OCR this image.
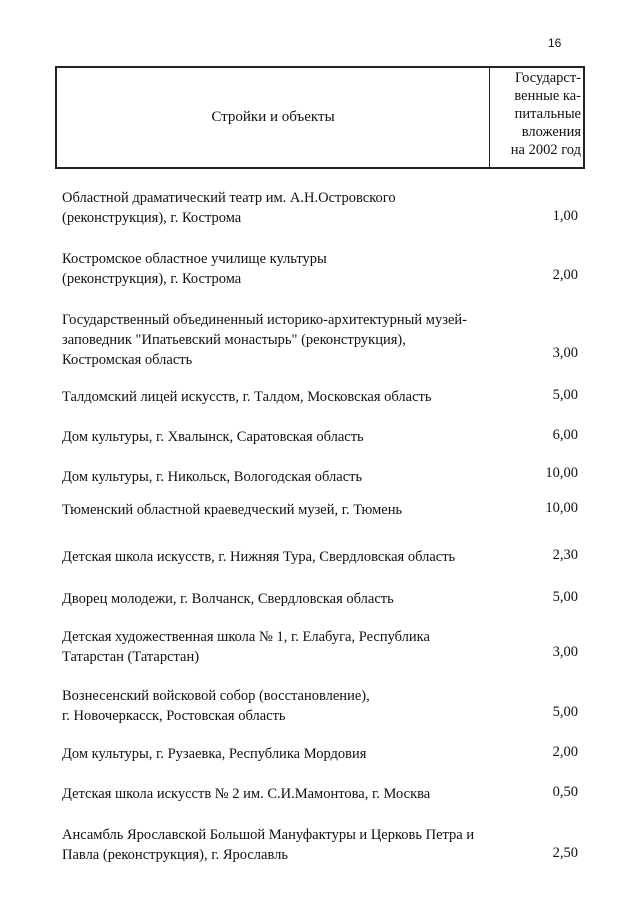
16
Стройки и объекты
Государст-
венные ка-
питальные
вложения
на 2002 год
Областной драматический театр им. А.Н.Островского
(реконструкция), г. Кострома	1,00
Костромское областное училище культуры
(реконструкция), г. Кострома	2,00
Государственный объединенный историко-архитектурный музей-
заповедник "Ипатьевский монастырь" (реконструкция),
Костромская область	3,00
Талдомский лицей искусств, г. Талдом, Московская область	5,00
Дом культуры, г. Хвалынск, Саратовская область	6,00
Дом культуры, г. Никольск, Вологодская область	10,00
Тюменский областной краеведческий музей, г. Тюмень	10,00
Детская школа искусств, г. Нижняя Тура, Свердловская область	2,30
Дворец молодежи, г. Волчанск, Свердловская область	5,00
Детская художественная школа № 1, г. Елабуга, Республика
Татарстан (Татарстан)	3,00
Вознесенский войсковой собор (восстановление),
г. Новочеркасск, Ростовская область	5,00
Дом культуры, г. Рузаевка, Республика Мордовия	2,00
Детская школа искусств № 2 им. С.И.Мамонтова, г. Москва	0,50
Ансамбль Ярославской Большой Мануфактуры и Церковь Петра и
Павла (реконструкция), г. Ярославль	2,50
